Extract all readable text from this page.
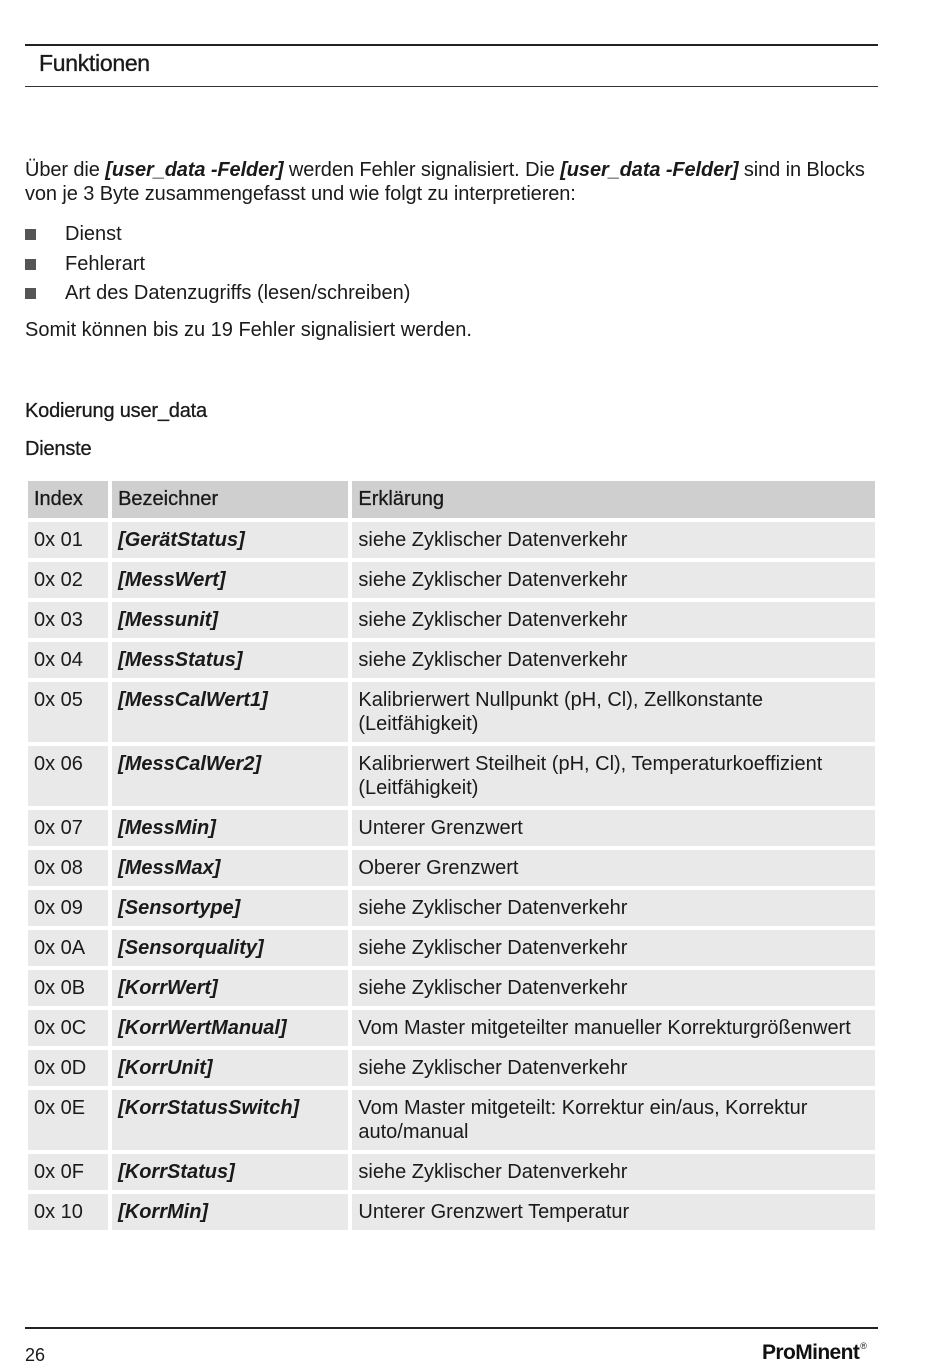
Funktionen

Über die [user_data -Felder] werden Fehler signalisiert. Die [user_data -Felder] sind in Blocks von je 3 Byte zusammengefasst und wie folgt zu interpretieren:

Dienst
Fehlerart
Art des Datenzugriffs (lesen/schreiben)

Somit können bis zu 19 Fehler signalisiert werden.

Kodierung user_data
Dienste
Index	Bezeichner	Erklärung
0x 01	[GerätStatus]	siehe Zyklischer Datenverkehr
0x 02	[MessWert]	siehe Zyklischer Datenverkehr
0x 03	[Messunit]	siehe Zyklischer Datenverkehr
0x 04	[MessStatus]	siehe Zyklischer Datenverkehr
0x 05	[MessCalWert1]	Kalibrierwert Nullpunkt (pH, Cl), Zellkonstante (Leitfähigkeit)
0x 06	[MessCalWer2]	Kalibrierwert Steilheit (pH, Cl), Temperaturkoeffizient (Leitfähigkeit)
0x 07	[MessMin]	Unterer Grenzwert
0x 08	[MessMax]	Oberer Grenzwert
0x 09	[Sensortype]	siehe Zyklischer Datenverkehr
0x 0A	[Sensorquality]	siehe Zyklischer Datenverkehr
0x 0B	[KorrWert]	siehe Zyklischer Datenverkehr
0x 0C	[KorrWertManual]	Vom Master mitgeteilter manueller Korrekturgrößenwert
0x 0D	[KorrUnit]	siehe Zyklischer Datenverkehr
0x 0E	[KorrStatusSwitch]	Vom Master mitgeteilt: Korrektur ein/aus, Korrektur auto/manual
0x 0F	[KorrStatus]	siehe Zyklischer Datenverkehr
0x 10	[KorrMin]	Unterer Grenzwert Temperatur
26	ProMinent®
